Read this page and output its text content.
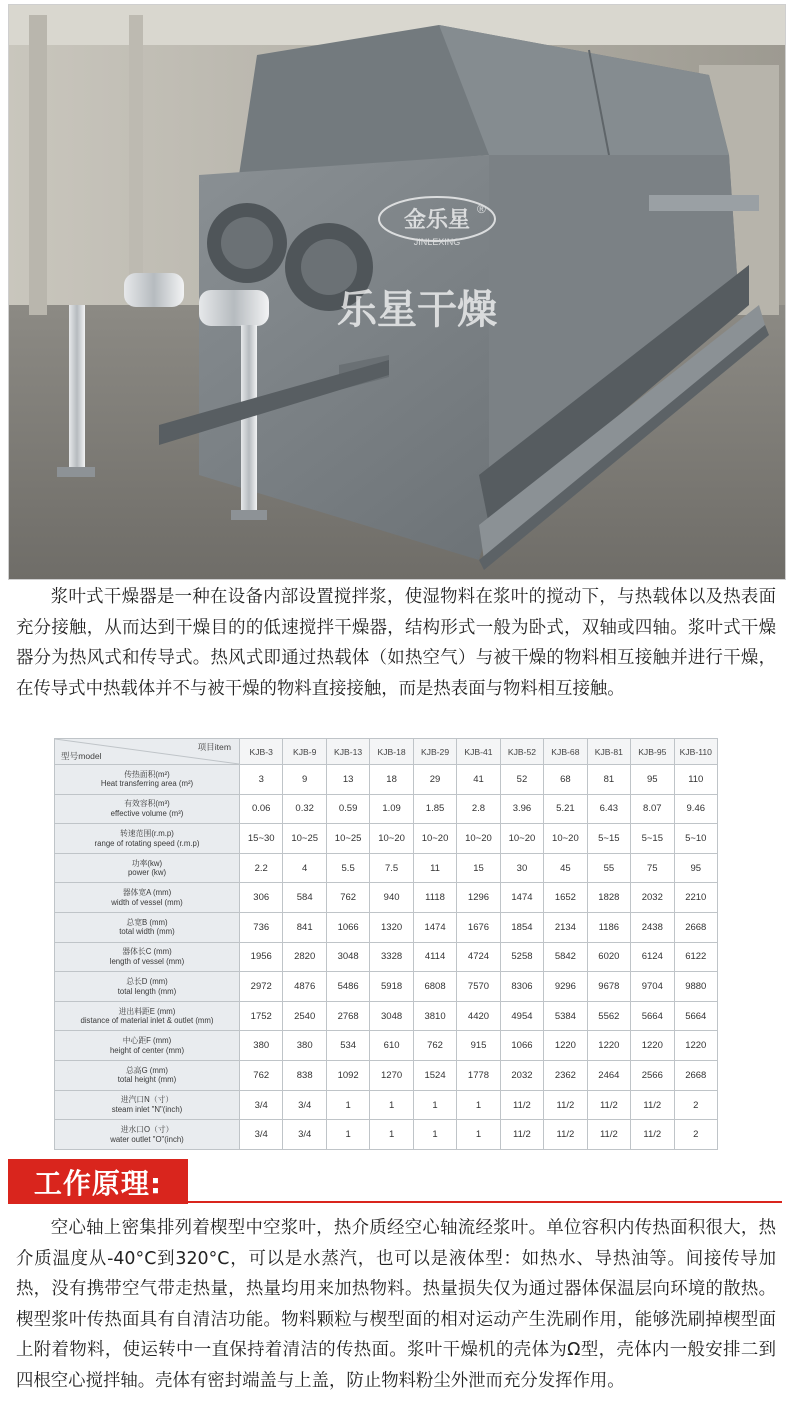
金乐星
JINLEXING
®
乐星干燥

浆叶式干燥器是一种在设备内部设置搅拌浆，使湿物料在浆叶的搅动下，与热载体以及热表面充分接触，从而达到干燥目的的低速搅拌干燥器，结构形式一般为卧式，双轴或四轴。浆叶式干燥器分为热风式和传导式。热风式即通过热载体（如热空气）与被干燥的物料相互接触并进行干燥，在传导式中热载体并不与被干燥的物料直接接触，而是热表面与物料相互接触。

项目item
型号model	KJB-3	KJB-9	KJB-13	KJB-18	KJB-29	KJB-41	KJB-52	KJB-68	KJB-81	KJB-95	KJB-110

传热面积(m²)
Heat transferring area (m²)	3	9	13	18	29	41	52	68	81	95	110

有效容积(m³)
effective volume (m³)	0.06	0.32	0.59	1.09	1.85	2.8	3.96	5.21	6.43	8.07	9.46

转速范围(r.m.p)
range of rotating speed (r.m.p)	15~30	10~25	10~25	10~20	10~20	10~20	10~20	10~20	5~15	5~15	5~10

功率(kw)
power (kw)	2.2	4	5.5	7.5	11	15	30	45	55	75	95

器体宽A (mm)
width of vessel (mm)	306	584	762	940	1118	1296	1474	1652	1828	2032	2210

总宽B (mm)
total width (mm)	736	841	1066	1320	1474	1676	1854	2134	1186	2438	2668

器体长C (mm)
length of vessel (mm)	1956	2820	3048	3328	4114	4724	5258	5842	6020	6124	6122

总长D (mm)
total length (mm)	2972	4876	5486	5918	6808	7570	8306	9296	9678	9704	9880

进出料距E (mm)
distance of material inlet & outlet (mm)	1752	2540	2768	3048	3810	4420	4954	5384	5562	5664	5664

中心距F (mm)
height of center (mm)	380	380	534	610	762	915	1066	1220	1220	1220	1220

总高G (mm)
total height (mm)	762	838	1092	1270	1524	1778	2032	2362	2464	2566	2668

进汽口N（寸）
steam inlet "N"(inch)	3/4	3/4	1	1	1	1	11/2	11/2	11/2	11/2	2

进水口O（寸）
water outlet "O"(inch)	3/4	3/4	1	1	1	1	11/2	11/2	11/2	11/2	2
工作原理:

空心轴上密集排列着楔型中空浆叶，热介质经空心轴流经浆叶。单位容积内传热面积很大，热介质温度从-40°C到320°C，可以是水蒸汽，也可以是液体型：如热水、导热油等。间接传导加热，没有携带空气带走热量，热量均用来加热物料。热量损失仅为通过器体保温层向环境的散热。楔型浆叶传热面具有自清洁功能。物料颗粒与楔型面的相对运动产生洗刷作用，能够洗刷掉楔型面上附着物料，使运转中一直保持着清洁的传热面。浆叶干燥机的壳体为Ω型，壳体内一般安排二到四根空心搅拌轴。壳体有密封端盖与上盖，防止物料粉尘外泄而充分发挥作用。
